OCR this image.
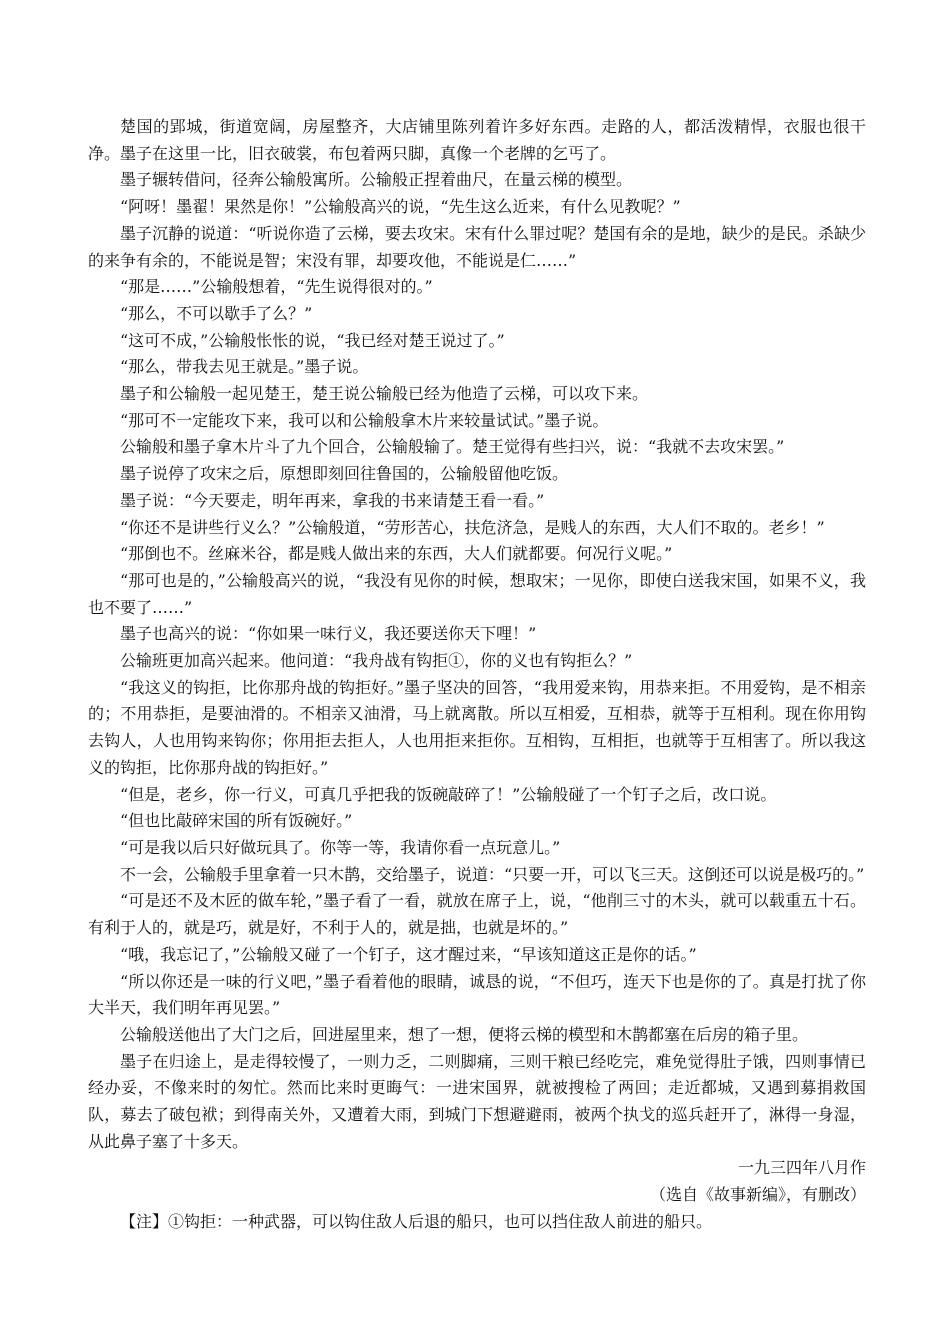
楚国的郢城，街道宽阔，房屋整齐，大店铺里陈列着许多好东西。走路的人，都活泼精悍，衣服也很干净。墨子在这里一比，旧衣破裳，布包着两只脚，真像一个老牌的乞丐了。

墨子辗转借问，径奔公输般寓所。公输般正捏着曲尺，在量云梯的模型。

“阿呀！墨翟！果然是你！”公输般高兴的说，“先生这么近来，有什么见教呢？”

墨子沉静的说道：“听说你造了云梯，要去攻宋。宋有什么罪过呢？楚国有余的是地，缺少的是民。杀缺少的来争有余的，不能说是智；宋没有罪，却要攻他，不能说是仁……”

“那是……”公输般想着，“先生说得很对的。”

“那么，不可以歇手了么？”

“这可不成，”公输般怅怅的说，“我已经对楚王说过了。”

“那么，带我去见王就是。”墨子说。

墨子和公输般一起见楚王，楚王说公输般已经为他造了云梯，可以攻下来。

“那可不一定能攻下来，我可以和公输般拿木片来较量试试。”墨子说。

公输般和墨子拿木片斗了九个回合，公输般输了。楚王觉得有些扫兴，说：“我就不去攻宋罢。”

墨子说停了攻宋之后，原想即刻回往鲁国的，公输般留他吃饭。

墨子说：“今天要走，明年再来，拿我的书来请楚王看一看。”

“你还不是讲些行义么？”公输般道，“劳形苦心，扶危济急，是贱人的东西，大人们不取的。老乡！”

“那倒也不。丝麻米谷，都是贱人做出来的东西，大人们就都要。何况行义呢。”

“那可也是的，”公输般高兴的说，“我没有见你的时候，想取宋；一见你，即使白送我宋国，如果不义，我也不要了……”

墨子也高兴的说：“你如果一味行义，我还要送你天下哩！”

公输班更加高兴起来。他问道：“我舟战有钩拒①，你的义也有钩拒么？”

“我这义的钩拒，比你那舟战的钩拒好。”墨子坚决的回答，“我用爱来钩，用恭来拒。不用爱钩，是不相亲的；不用恭拒，是要油滑的。不相亲又油滑，马上就离散。所以互相爱，互相恭，就等于互相利。现在你用钩去钩人，人也用钩来钩你；你用拒去拒人，人也用拒来拒你。互相钩，互相拒，也就等于互相害了。所以我这义的钩拒，比你那舟战的钩拒好。”

“但是，老乡，你一行义，可真几乎把我的饭碗敲碎了！”公输般碰了一个钉子之后，改口说。

“但也比敲碎宋国的所有饭碗好。”

“可是我以后只好做玩具了。你等一等，我请你看一点玩意儿。”

不一会，公输般手里拿着一只木鹊，交给墨子，说道：“只要一开，可以飞三天。这倒还可以说是极巧的。”

“可是还不及木匠的做车轮，”墨子看了一看，就放在席子上，说，“他削三寸的木头，就可以载重五十石。有利于人的，就是巧，就是好，不利于人的，就是拙，也就是坏的。”

“哦，我忘记了，”公输般又碰了一个钉子，这才醒过来，“早该知道这正是你的话。”

“所以你还是一味的行义吧，”墨子看着他的眼睛，诚恳的说，“不但巧，连天下也是你的了。真是打扰了你大半天，我们明年再见罢。”

公输般送他出了大门之后，回进屋里来，想了一想，便将云梯的模型和木鹊都塞在后房的箱子里。

墨子在归途上，是走得较慢了，一则力乏，二则脚痛，三则干粮已经吃完，难免觉得肚子饿，四则事情已经办妥，不像来时的匆忙。然而比来时更晦气：一进宋国界，就被搜检了两回；走近都城，又遇到募捐救国队，募去了破包袱；到得南关外，又遭着大雨，到城门下想避避雨，被两个执戈的巡兵赶开了，淋得一身湿，从此鼻子塞了十多天。

一九三四年八月作

（选自《故事新编》，有删改）

【注】①钩拒：一种武器，可以钩住敌人后退的船只，也可以挡住敌人前进的船只。
